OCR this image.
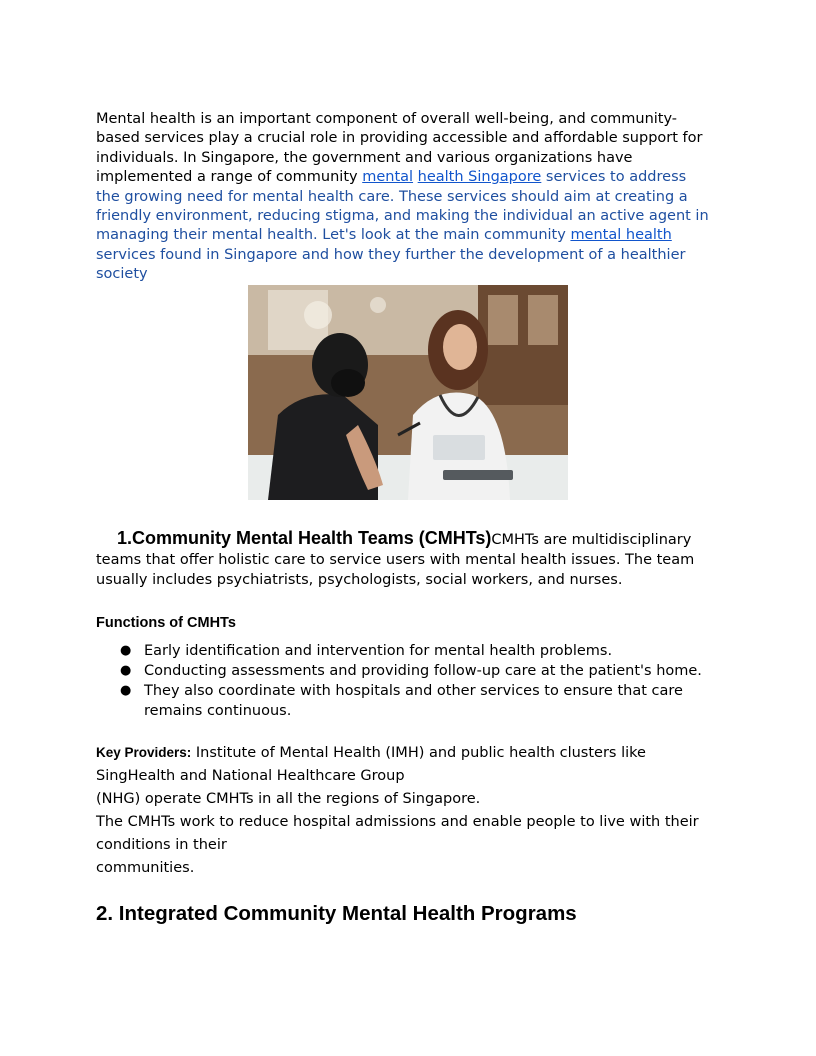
Mental health is an important component of overall well-being, and community-based services play a crucial role in providing accessible and affordable support for individuals. In Singapore, the government and various organizations have implemented a range of community mental health Singapore services to address the growing need for mental health care. These services should aim at creating a friendly environment, reducing stigma, and making the individual an active agent in managing their mental health. Let's look at the main community mental health services found in Singapore and how they further the development of a healthier society

1.Community Mental Health Teams (CMHTs)CMHTs are multidisciplinary teams that offer holistic care to service users with mental health issues. The team usually includes psychiatrists, psychologists, social workers, and nurses.

Functions of CMHTs
● Early identification and intervention for mental health problems.
● Conducting assessments and providing follow-up care at the patient's home.
● They also coordinate with hospitals and other services to ensure that care remains continuous.

Key Providers: Institute of Mental Health (IMH) and public health clusters like SingHealth and National Healthcare Group
(NHG) operate CMHTs in all the regions of Singapore.
The CMHTs work to reduce hospital admissions and enable people to live with their conditions in their
communities.

2. Integrated Community Mental Health Programs
